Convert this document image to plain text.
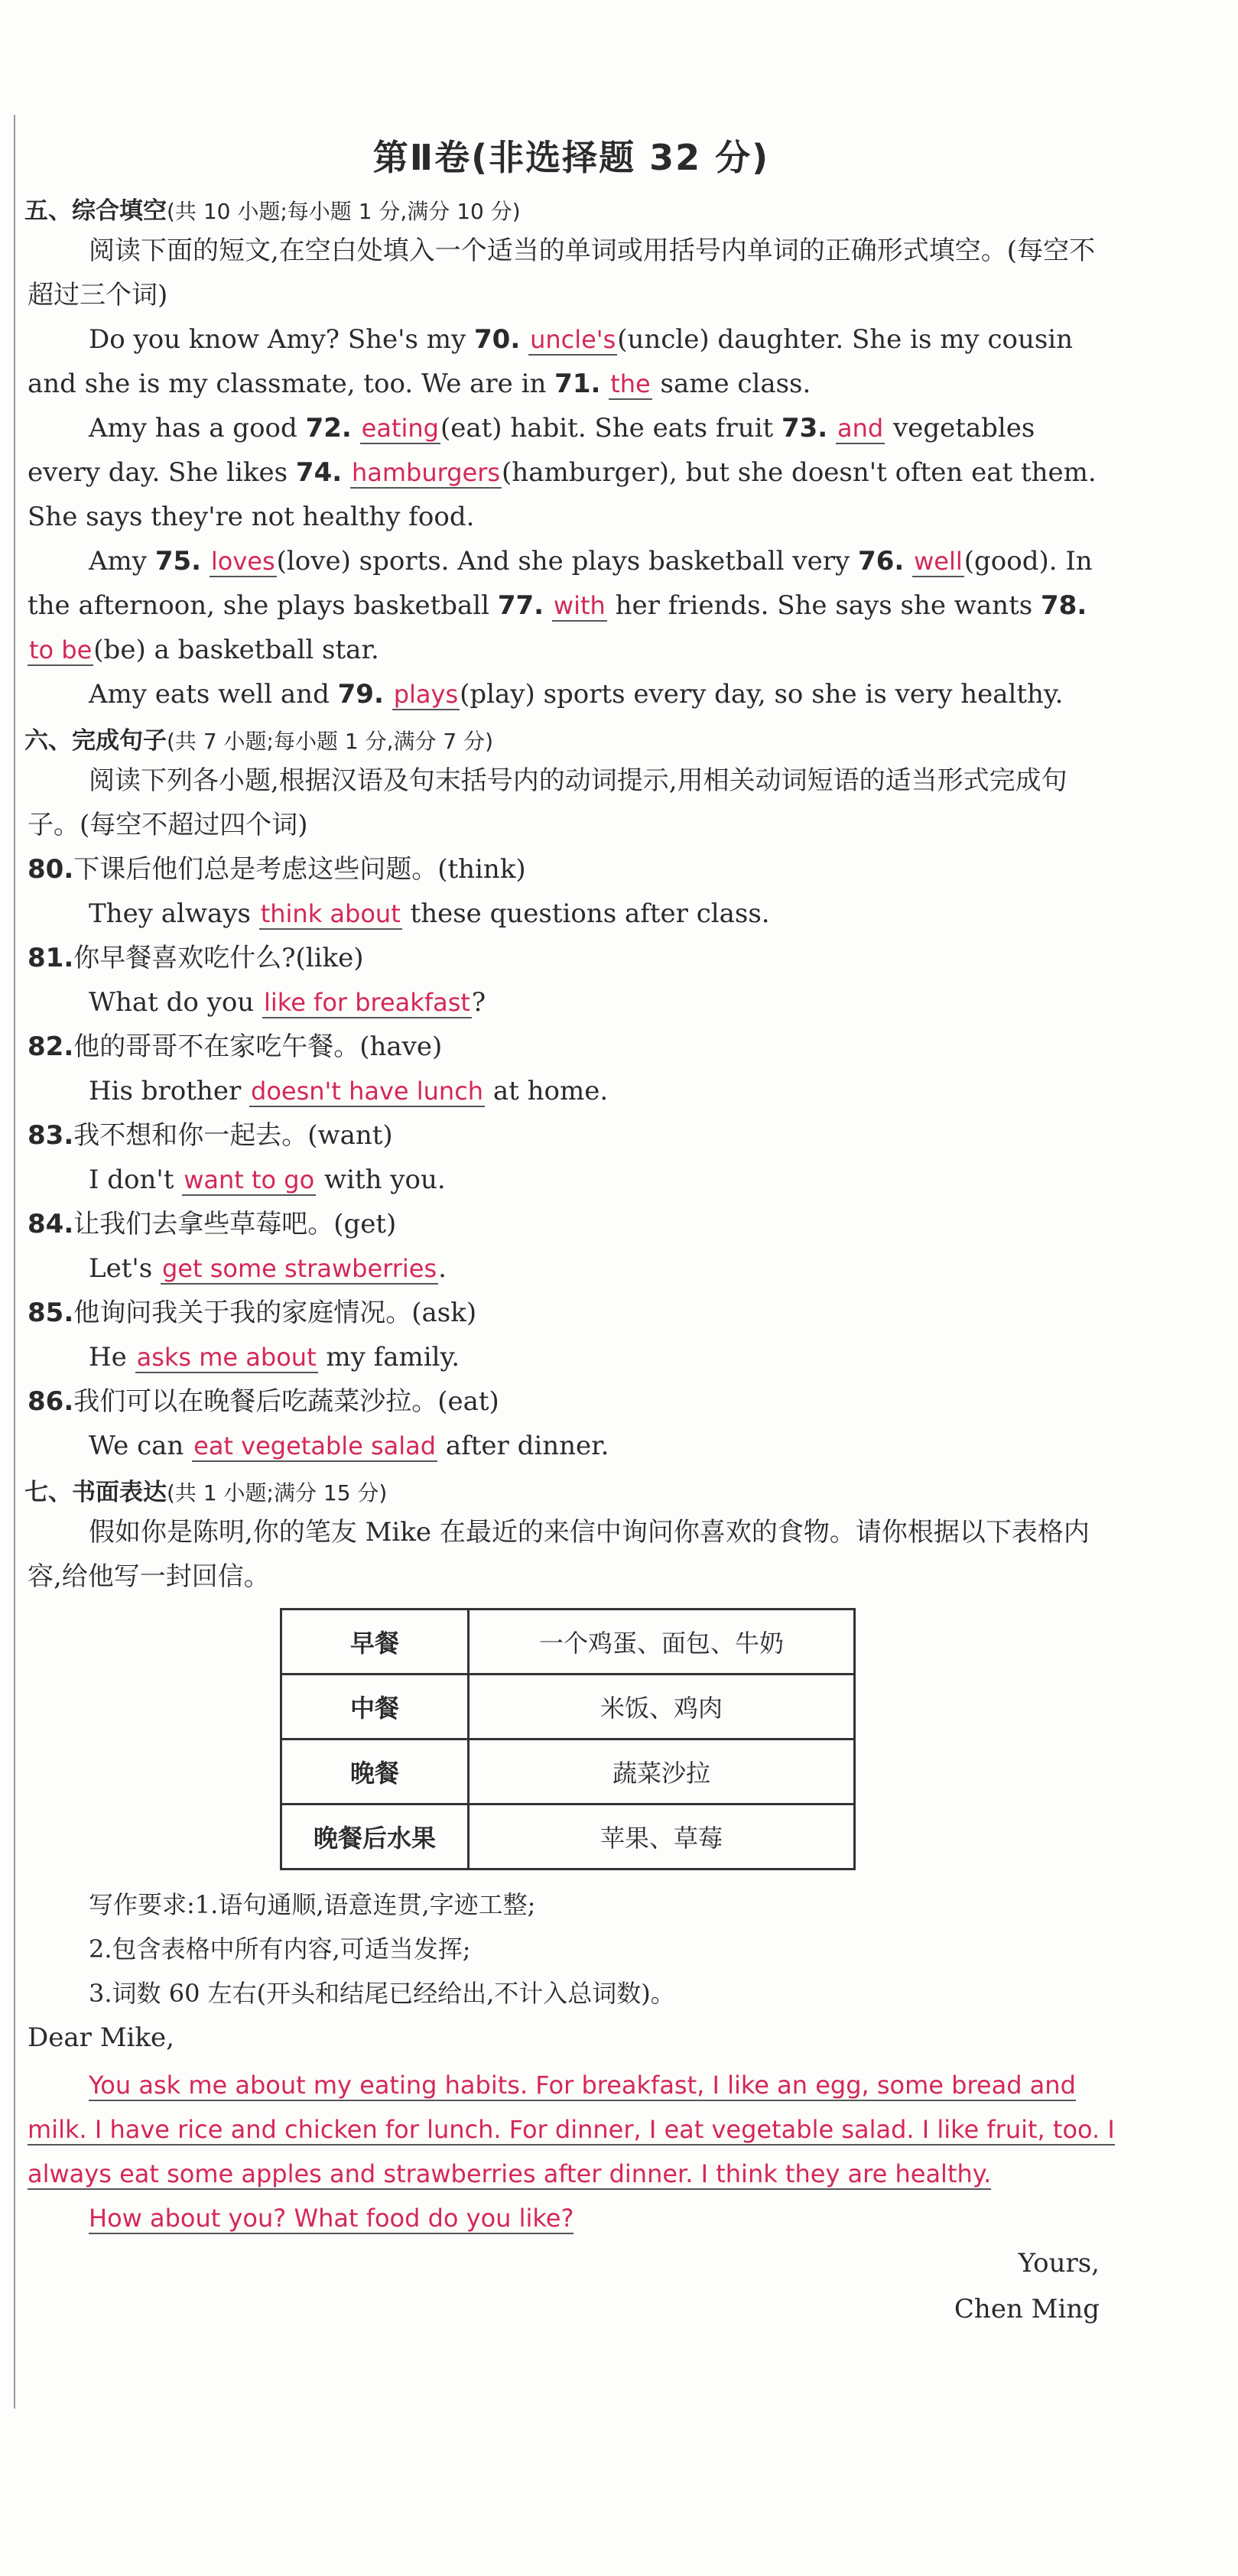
第Ⅱ卷(非选择题 32 分)
五、综合填空(共 10 小题;每小题 1 分,满分 10 分)

阅读下面的短文,在空白处填入一个适当的单词或用括号内单词的正确形式填空。(每空不超过三个词)

Do you know Amy? She's my 70. uncle's(uncle) daughter. She is my cousin and she is my classmate, too. We are in 71. the same class.

Amy has a good 72. eating(eat) habit. She eats fruit 73. and vegetables every day. She likes 74. hamburgers(hamburger), but she doesn't often eat them. She says they're not healthy food.

Amy 75. loves(love) sports. And she plays basketball very 76. well(good). In the afternoon, she plays basketball 77. with her friends. She says she wants 78. to be(be) a basketball star.

Amy eats well and 79. plays(play) sports every day, so she is very healthy.

六、完成句子(共 7 小题;每小题 1 分,满分 7 分)

阅读下列各小题,根据汉语及句末括号内的动词提示,用相关动词短语的适当形式完成句子。(每空不超过四个词)

80.下课后他们总是考虑这些问题。(think)
They always think about these questions after class.
81.你早餐喜欢吃什么?(like)
What do you like for breakfast?
82.他的哥哥不在家吃午餐。(have)
His brother doesn't have lunch at home.
83.我不想和你一起去。(want)
I don't want to go with you.
84.让我们去拿些草莓吧。(get)
Let's get some strawberries.
85.他询问我关于我的家庭情况。(ask)
He asks me about my family.
86.我们可以在晚餐后吃蔬菜沙拉。(eat)
We can eat vegetable salad after dinner.
七、书面表达(共 1 小题;满分 15 分)

假如你是陈明,你的笔友 Mike 在最近的来信中询问你喜欢的食物。请你根据以下表格内容,给他写一封回信。

早餐	一个鸡蛋、面包、牛奶
中餐	米饭、鸡肉
晚餐	蔬菜沙拉
晚餐后水果	苹果、草莓
写作要求:1.语句通顺,语意连贯,字迹工整;
2.包含表格中所有内容,可适当发挥;
3.词数 60 左右(开头和结尾已经给出,不计入总词数)。

Dear Mike,

You ask me about my eating habits. For breakfast, I like an egg, some bread and milk. I have rice and chicken for lunch. For dinner, I eat vegetable salad. I like fruit, too. I always eat some apples and strawberries after dinner. I think they are healthy.

How about you? What food do you like?

Yours,
Chen Ming
